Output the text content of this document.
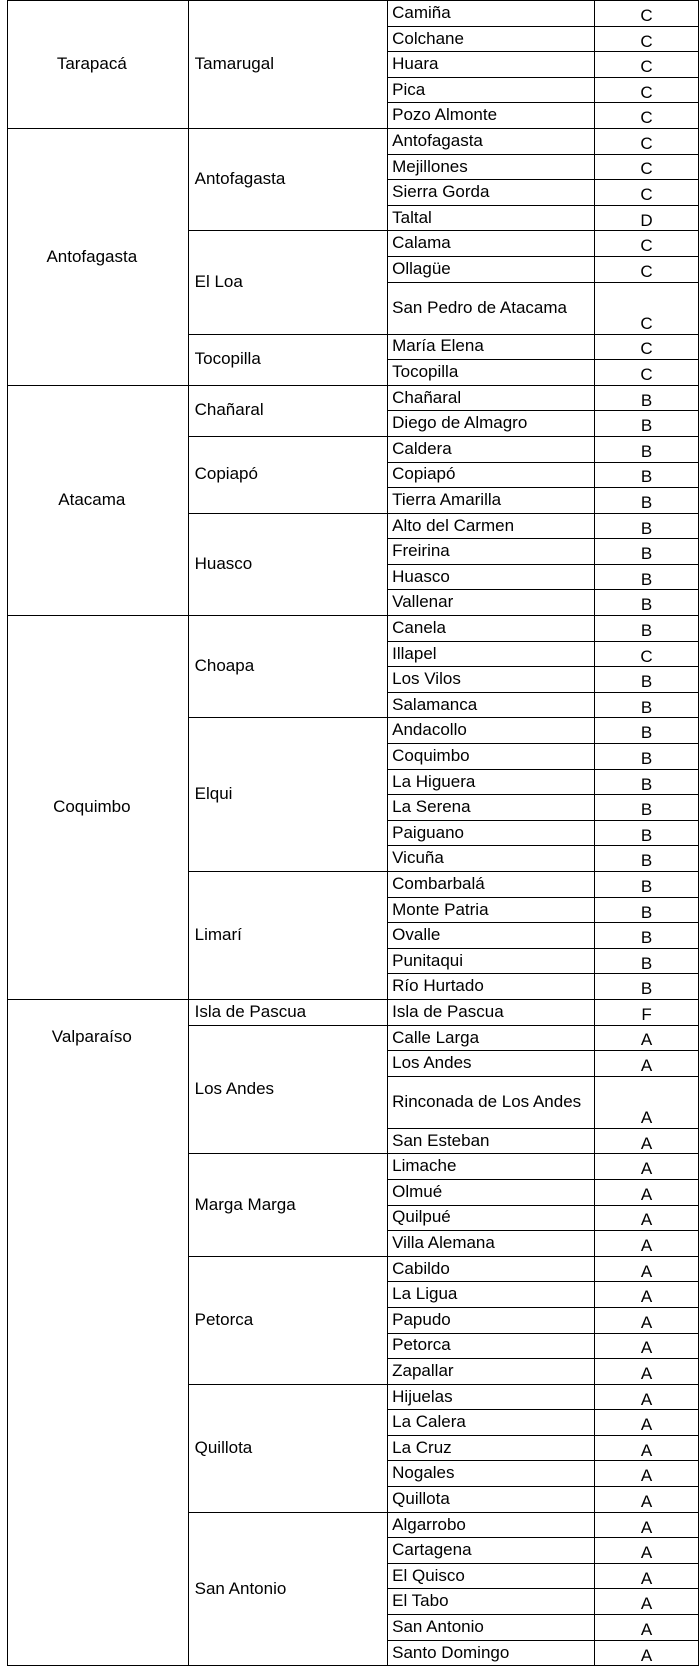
Tarapacá	Tamarugal	Camiña	C
		Colchane	C
		Huara	C
		Pica	C
		Pozo Almonte	C
Antofagasta	Antofagasta	Antofagasta	C
		Mejillones	C
		Sierra Gorda	C
		Taltal	D
	El Loa	Calama	C
		Ollagüe	C
		San Pedro de Atacama	C
	Tocopilla	María Elena	C
		Tocopilla	C
Atacama	Chañaral	Chañaral	B
		Diego de Almagro	B
	Copiapó	Caldera	B
		Copiapó	B
		Tierra Amarilla	B
	Huasco	Alto del Carmen	B
		Freirina	B
		Huasco	B
		Vallenar	B
Coquimbo	Choapa	Canela	B
		Illapel	C
		Los Vilos	B
		Salamanca	B
	Elqui	Andacollo	B
		Coquimbo	B
		La Higuera	B
		La Serena	B
		Paiguano	B
		Vicuña	B
	Limarí	Combarbalá	B
		Monte Patria	B
		Ovalle	B
		Punitaqui	B
		Río Hurtado	B
Valparaíso	Isla de Pascua	Isla de Pascua	F
	Los Andes	Calle Larga	A
		Los Andes	A
		Rinconada de Los Andes	A
		San Esteban	A
	Marga Marga	Limache	A
		Olmué	A
		Quilpué	A
		Villa Alemana	A
	Petorca	Cabildo	A
		La Ligua	A
		Papudo	A
		Petorca	A
		Zapallar	A
	Quillota	Hijuelas	A
		La Calera	A
		La Cruz	A
		Nogales	A
		Quillota	A
	San Antonio	Algarrobo	A
		Cartagena	A
		El Quisco	A
		El Tabo	A
		San Antonio	A
		Santo Domingo	A
